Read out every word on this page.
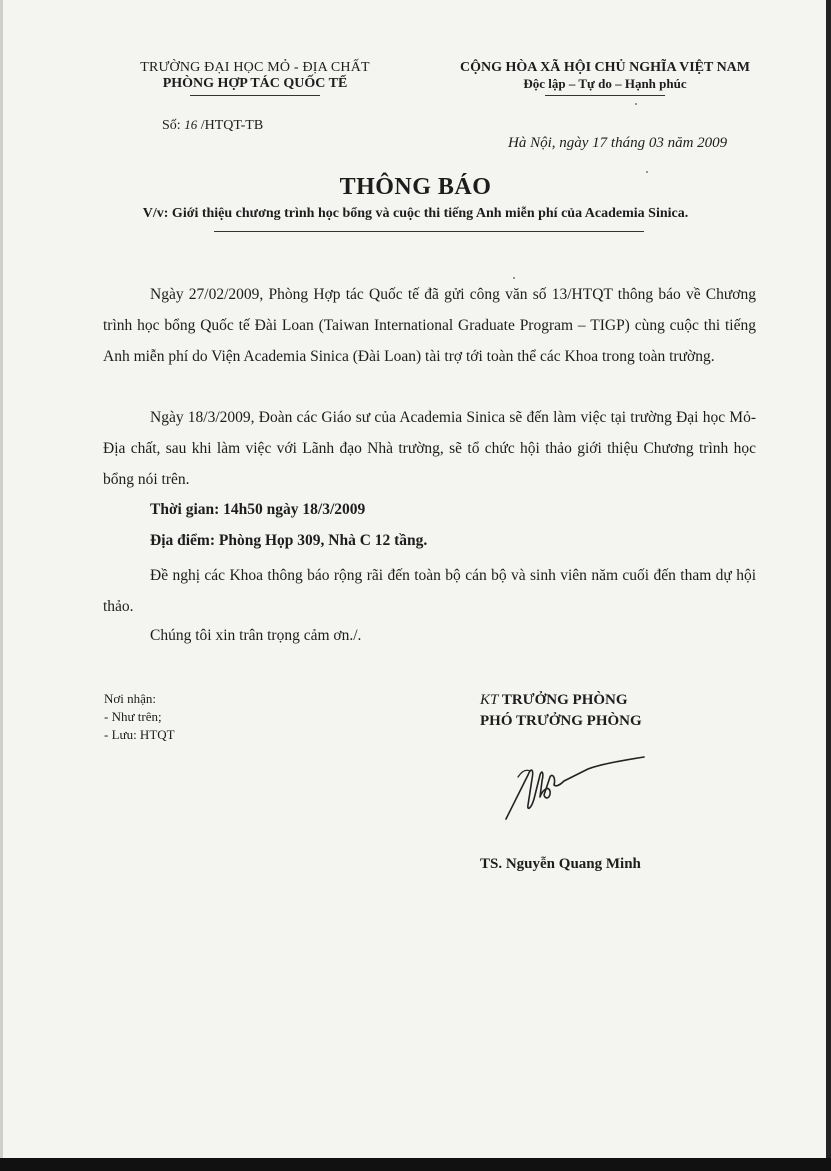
TRƯỜNG ĐẠI HỌC MỎ - ĐỊA CHẤT
PHÒNG HỢP TÁC QUỐC TẾ
CỘNG HÒA XÃ HỘI CHỦ NGHĨA VIỆT NAM
Độc lập – Tự do – Hạnh phúc
Số: 16 /HTQT-TB
Hà Nội, ngày 17 tháng 03 năm 2009
THÔNG BÁO
V/v: Giới thiệu chương trình học bổng và cuộc thi tiếng Anh miễn phí của Academia Sinica.
Ngày 27/02/2009, Phòng Hợp tác Quốc tế đã gửi công văn số 13/HTQT thông báo về Chương trình học bổng Quốc tế Đài Loan (Taiwan International Graduate Program – TIGP) cùng cuộc thi tiếng Anh miễn phí do Viện Academia Sinica (Đài Loan) tài trợ tới toàn thể các Khoa trong toàn trường.
Ngày 18/3/2009, Đoàn các Giáo sư của Academia Sinica sẽ đến làm việc tại trường Đại học Mỏ-Địa chất, sau khi làm việc với Lãnh đạo Nhà trường, sẽ tổ chức hội thảo giới thiệu Chương trình học bổng nói trên.
Thời gian: 14h50 ngày 18/3/2009
Địa điểm: Phòng Họp 309, Nhà C 12 tầng.
Đề nghị các Khoa thông báo rộng rãi đến toàn bộ cán bộ và sinh viên năm cuối đến tham dự hội thảo.
Chúng tôi xin trân trọng cảm ơn./.
Nơi nhận:
- Như trên;
- Lưu: HTQT
KT TRƯỞNG PHÒNG
PHÓ TRƯỞNG PHÒNG
TS. Nguyễn Quang Minh
